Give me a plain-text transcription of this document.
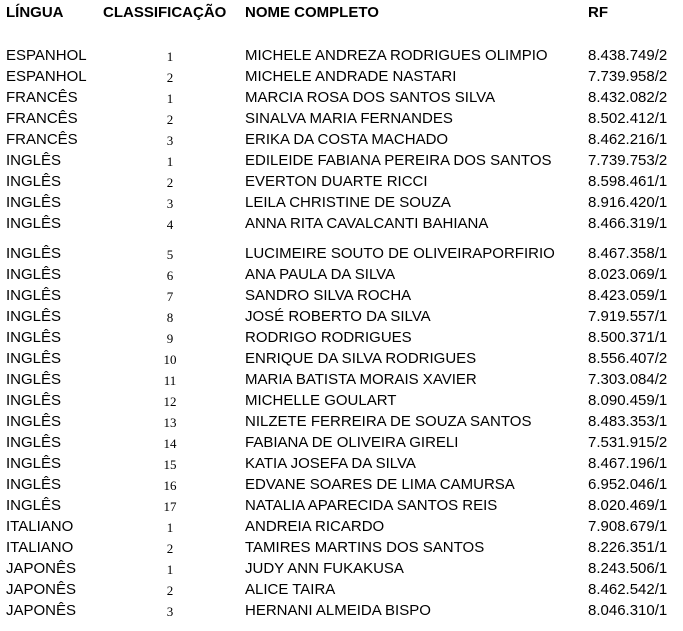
LÍNGUA	CLASSIFICAÇÃO NOME COMPLETO	RF
ESPANHOL	1	MICHELE ANDREZA RODRIGUES OLIMPIO	8.438.749/2
ESPANHOL	2	MICHELE ANDRADE NASTARI	7.739.958/2
FRANCÊS	1	MARCIA ROSA DOS SANTOS SILVA	8.432.082/2
FRANCÊS	2	SINALVA MARIA FERNANDES	8.502.412/1
FRANCÊS	3	ERIKA DA COSTA MACHADO	8.462.216/1
INGLÊS	1	EDILEIDE FABIANA PEREIRA DOS SANTOS 7.739.753/2
INGLÊS	2	EVERTON DUARTE RICCI	8.598.461/1
INGLÊS	3	LEILA CHRISTINE DE SOUZA	8.916.420/1
INGLÊS	4	ANNA RITA CAVALCANTI BAHIANA	8.466.319/1
INGLÊS	5	LUCIMEIRE SOUTO DE OLIVEIRAPORFIRIO 8.467.358/1
INGLÊS	6	ANA PAULA DA SILVA	8.023.069/1
INGLÊS	7	SANDRO SILVA ROCHA	8.423.059/1
INGLÊS	8	JOSÉ ROBERTO DA SILVA	7.919.557/1
INGLÊS	9	RODRIGO RODRIGUES	8.500.371/1
INGLÊS	10	ENRIQUE DA SILVA RODRIGUES	8.556.407/2
INGLÊS	11	MARIA BATISTA MORAIS XAVIER	7.303.084/2
INGLÊS	12	MICHELLE GOULART	8.090.459/1
INGLÊS	13	NILZETE FERREIRA DE SOUZA SANTOS	8.483.353/1
INGLÊS	14	FABIANA DE OLIVEIRA GIRELI	7.531.915/2
INGLÊS	15	KATIA JOSEFA DA SILVA	8.467.196/1
INGLÊS	16	EDVANE SOARES DE LIMA CAMURSA	6.952.046/1
INGLÊS	17	NATALIA APARECIDA SANTOS REIS	8.020.469/1
ITALIANO	1	ANDREIA RICARDO	7.908.679/1
ITALIANO	2	TAMIRES MARTINS DOS SANTOS	8.226.351/1
JAPONÊS	1	JUDY ANN FUKAKUSA	8.243.506/1
JAPONÊS	2	ALICE TAIRA	8.462.542/1
JAPONÊS	3	HERNANI ALMEIDA BISPO	8.046.310/1
